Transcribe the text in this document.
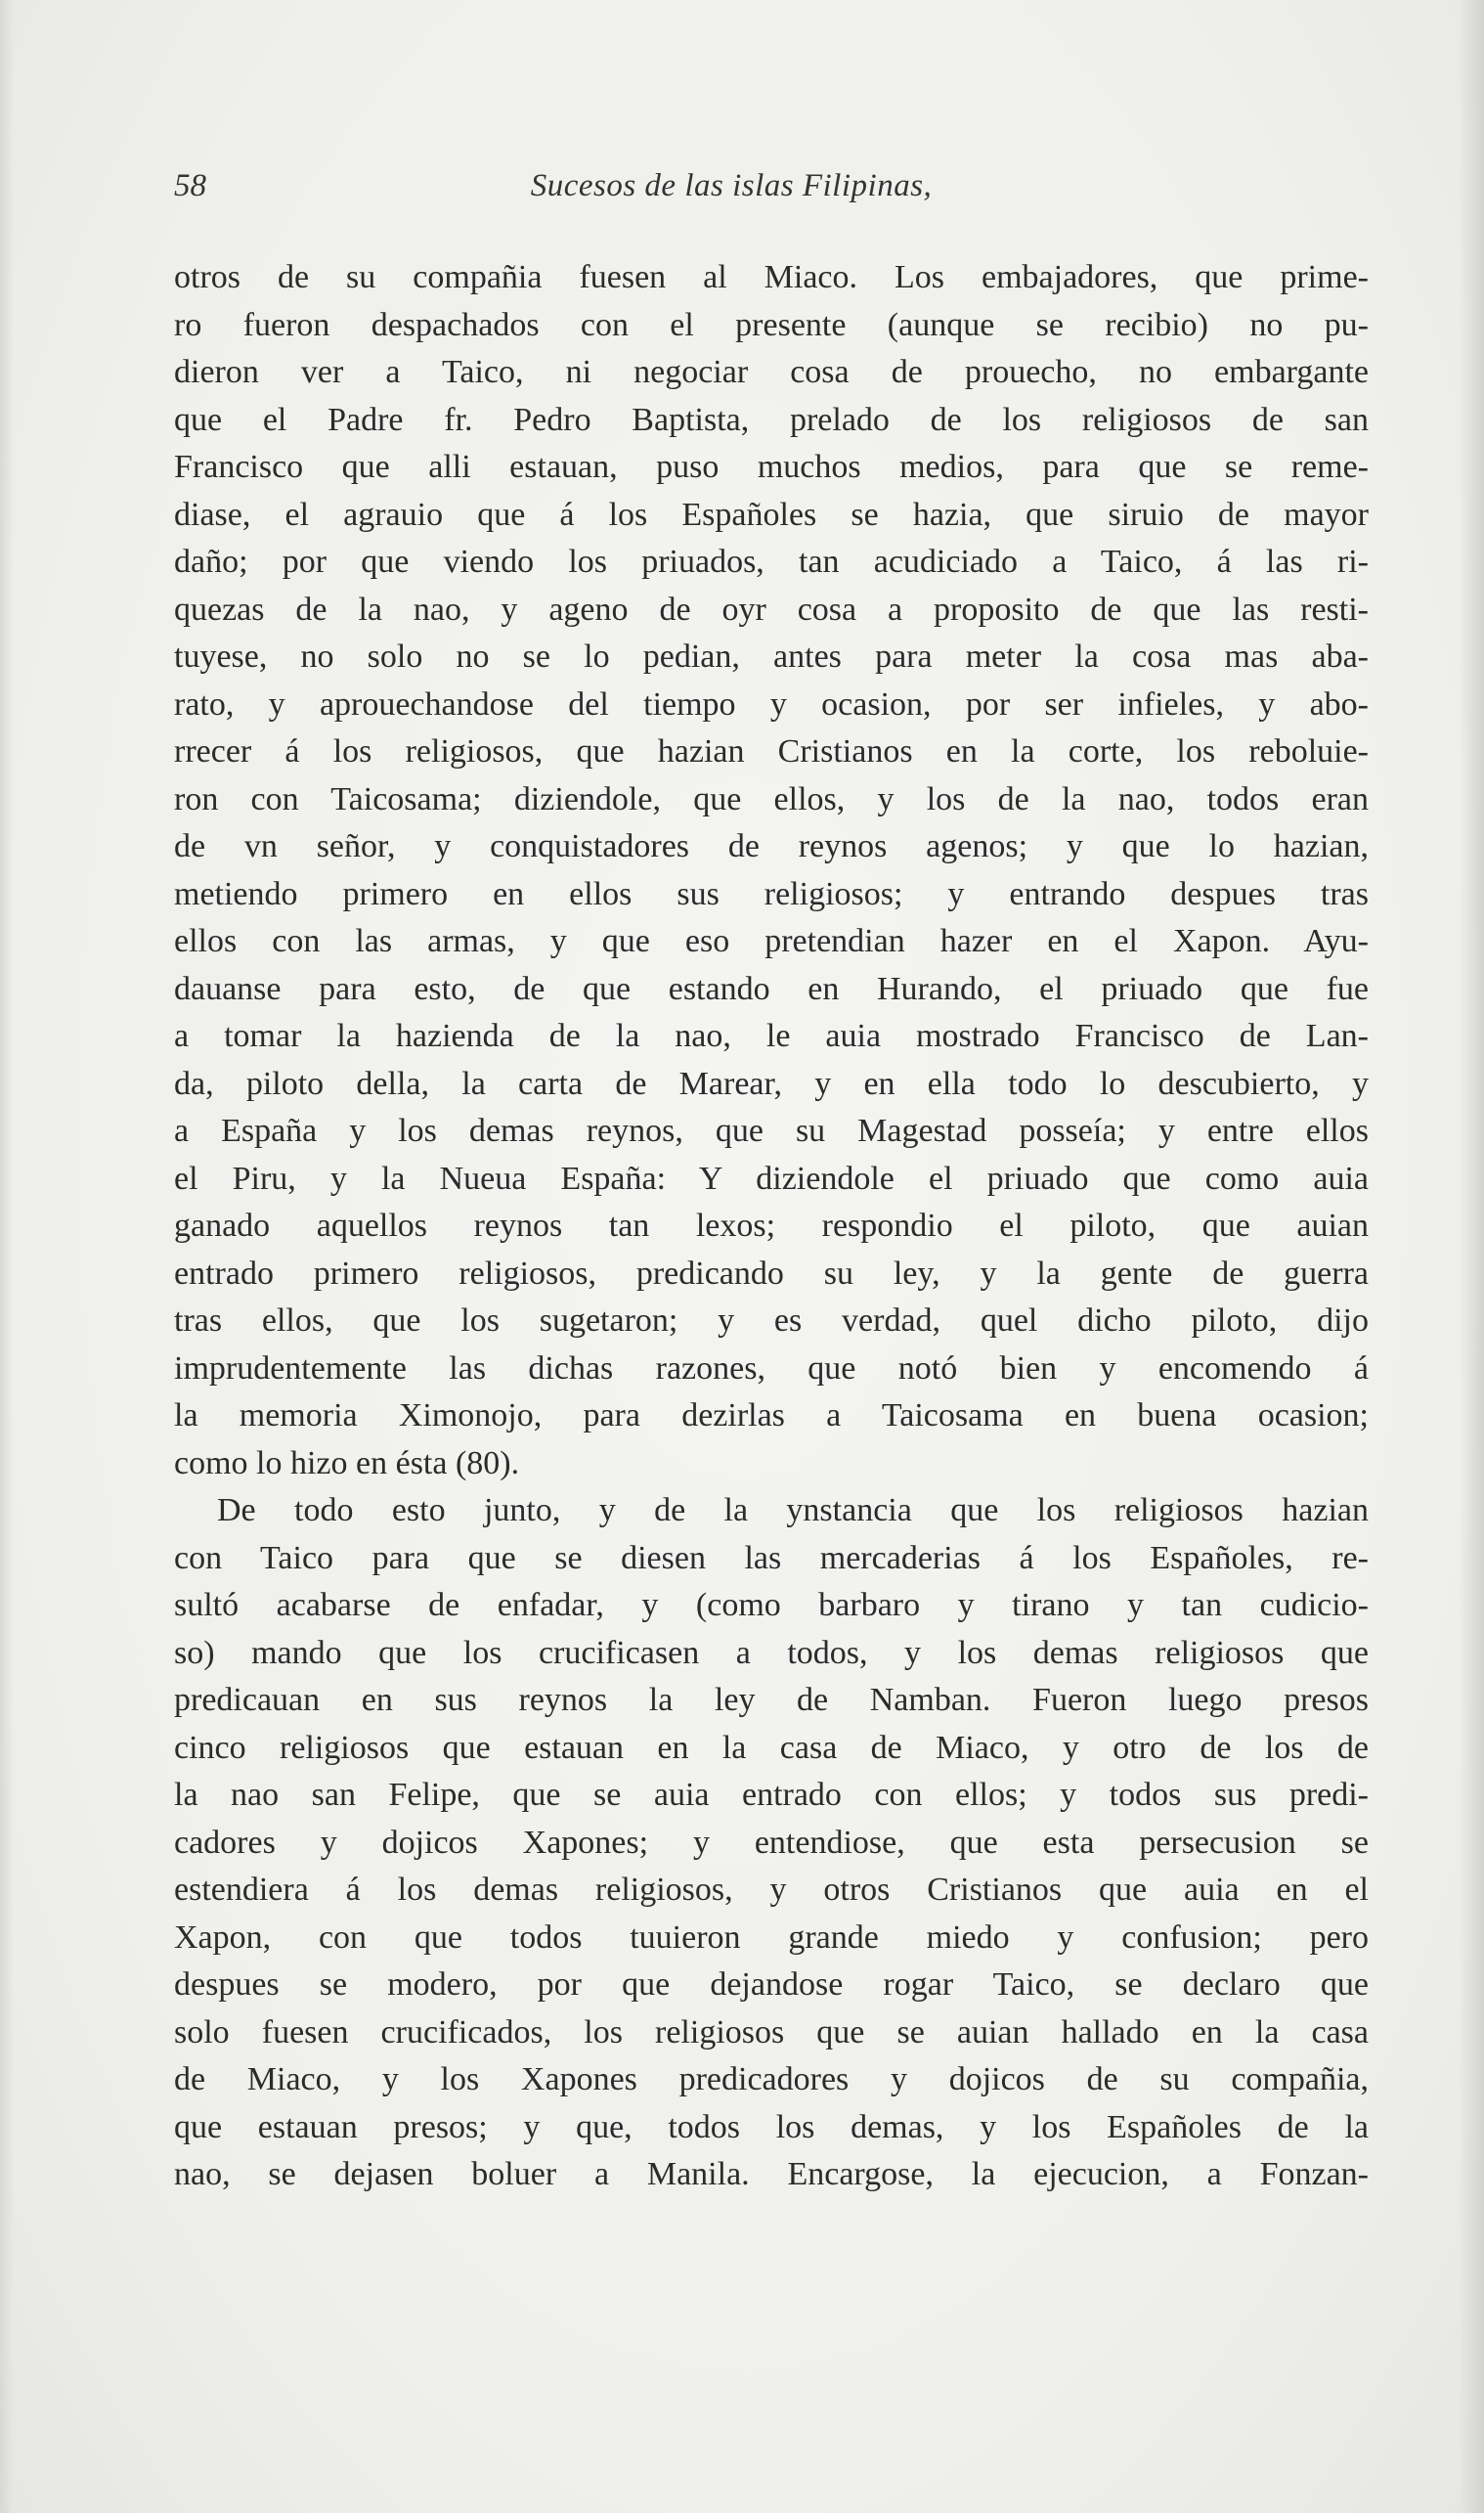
58	Sucesos de las islas Filipinas,
otros de su compañia fuesen al Miaco. Los embajadores, que prime-
ro fueron despachados con el presente (aunque se recibio) no pu-
dieron ver a Taico, ni negociar cosa de prouecho, no embargante
que el Padre fr. Pedro Baptista, prelado de los religiosos de san
Francisco que alli estauan, puso muchos medios, para que se reme-
diase, el agrauio que á los Españoles se hazia, que siruio de mayor
daño; por que viendo los priuados, tan acudiciado a Taico, á las ri-
quezas de la nao, y ageno de oyr cosa a proposito de que las resti-
tuyese, no solo no se lo pedian, antes para meter la cosa mas aba-
rato, y aprouechandose del tiempo y ocasion, por ser infieles, y abo-
rrecer á los religiosos, que hazian Cristianos en la corte, los reboluie-
ron con Taicosama; diziendole, que ellos, y los de la nao, todos eran
de vn señor, y conquistadores de reynos agenos; y que lo hazian,
metiendo primero en ellos sus religiosos; y entrando despues tras
ellos con las armas, y que eso pretendian hazer en el Xapon. Ayu-
dauanse para esto, de que estando en Hurando, el priuado que fue
a tomar la hazienda de la nao, le auia mostrado Francisco de Lan-
da, piloto della, la carta de Marear, y en ella todo lo descubierto, y
a España y los demas reynos, que su Magestad posseía; y entre ellos
el Piru, y la Nueua España: Y diziendole el priuado que como auia
ganado aquellos reynos tan lexos; respondio el piloto, que auian
entrado primero religiosos, predicando su ley, y la gente de guerra
tras ellos, que los sugetaron; y es verdad, quel dicho piloto, dijo
imprudentemente las dichas razones, que notó bien y encomendo á
la memoria Ximonojo, para dezirlas a Taicosama en buena ocasion;
como lo hizo en ésta (80).
De todo esto junto, y de la ynstancia que los religiosos hazian
con Taico para que se diesen las mercaderias á los Españoles, re-
sultó acabarse de enfadar, y (como barbaro y tirano y tan cudicio-
so) mando que los crucificasen a todos, y los demas religiosos que
predicauan en sus reynos la ley de Namban. Fueron luego presos
cinco religiosos que estauan en la casa de Miaco, y otro de los de
la nao san Felipe, que se auia entrado con ellos; y todos sus predi-
cadores y dojicos Xapones; y entendiose, que esta persecusion se
estendiera á los demas religiosos, y otros Cristianos que auia en el
Xapon, con que todos tuuieron grande miedo y confusion; pero
despues se modero, por que dejandose rogar Taico, se declaro que
solo fuesen crucificados, los religiosos que se auian hallado en la casa
de Miaco, y los Xapones predicadores y dojicos de su compañia,
que estauan presos; y que, todos los demas, y los Españoles de la
nao, se dejasen boluer a Manila. Encargose, la ejecucion, a Fonzan-
